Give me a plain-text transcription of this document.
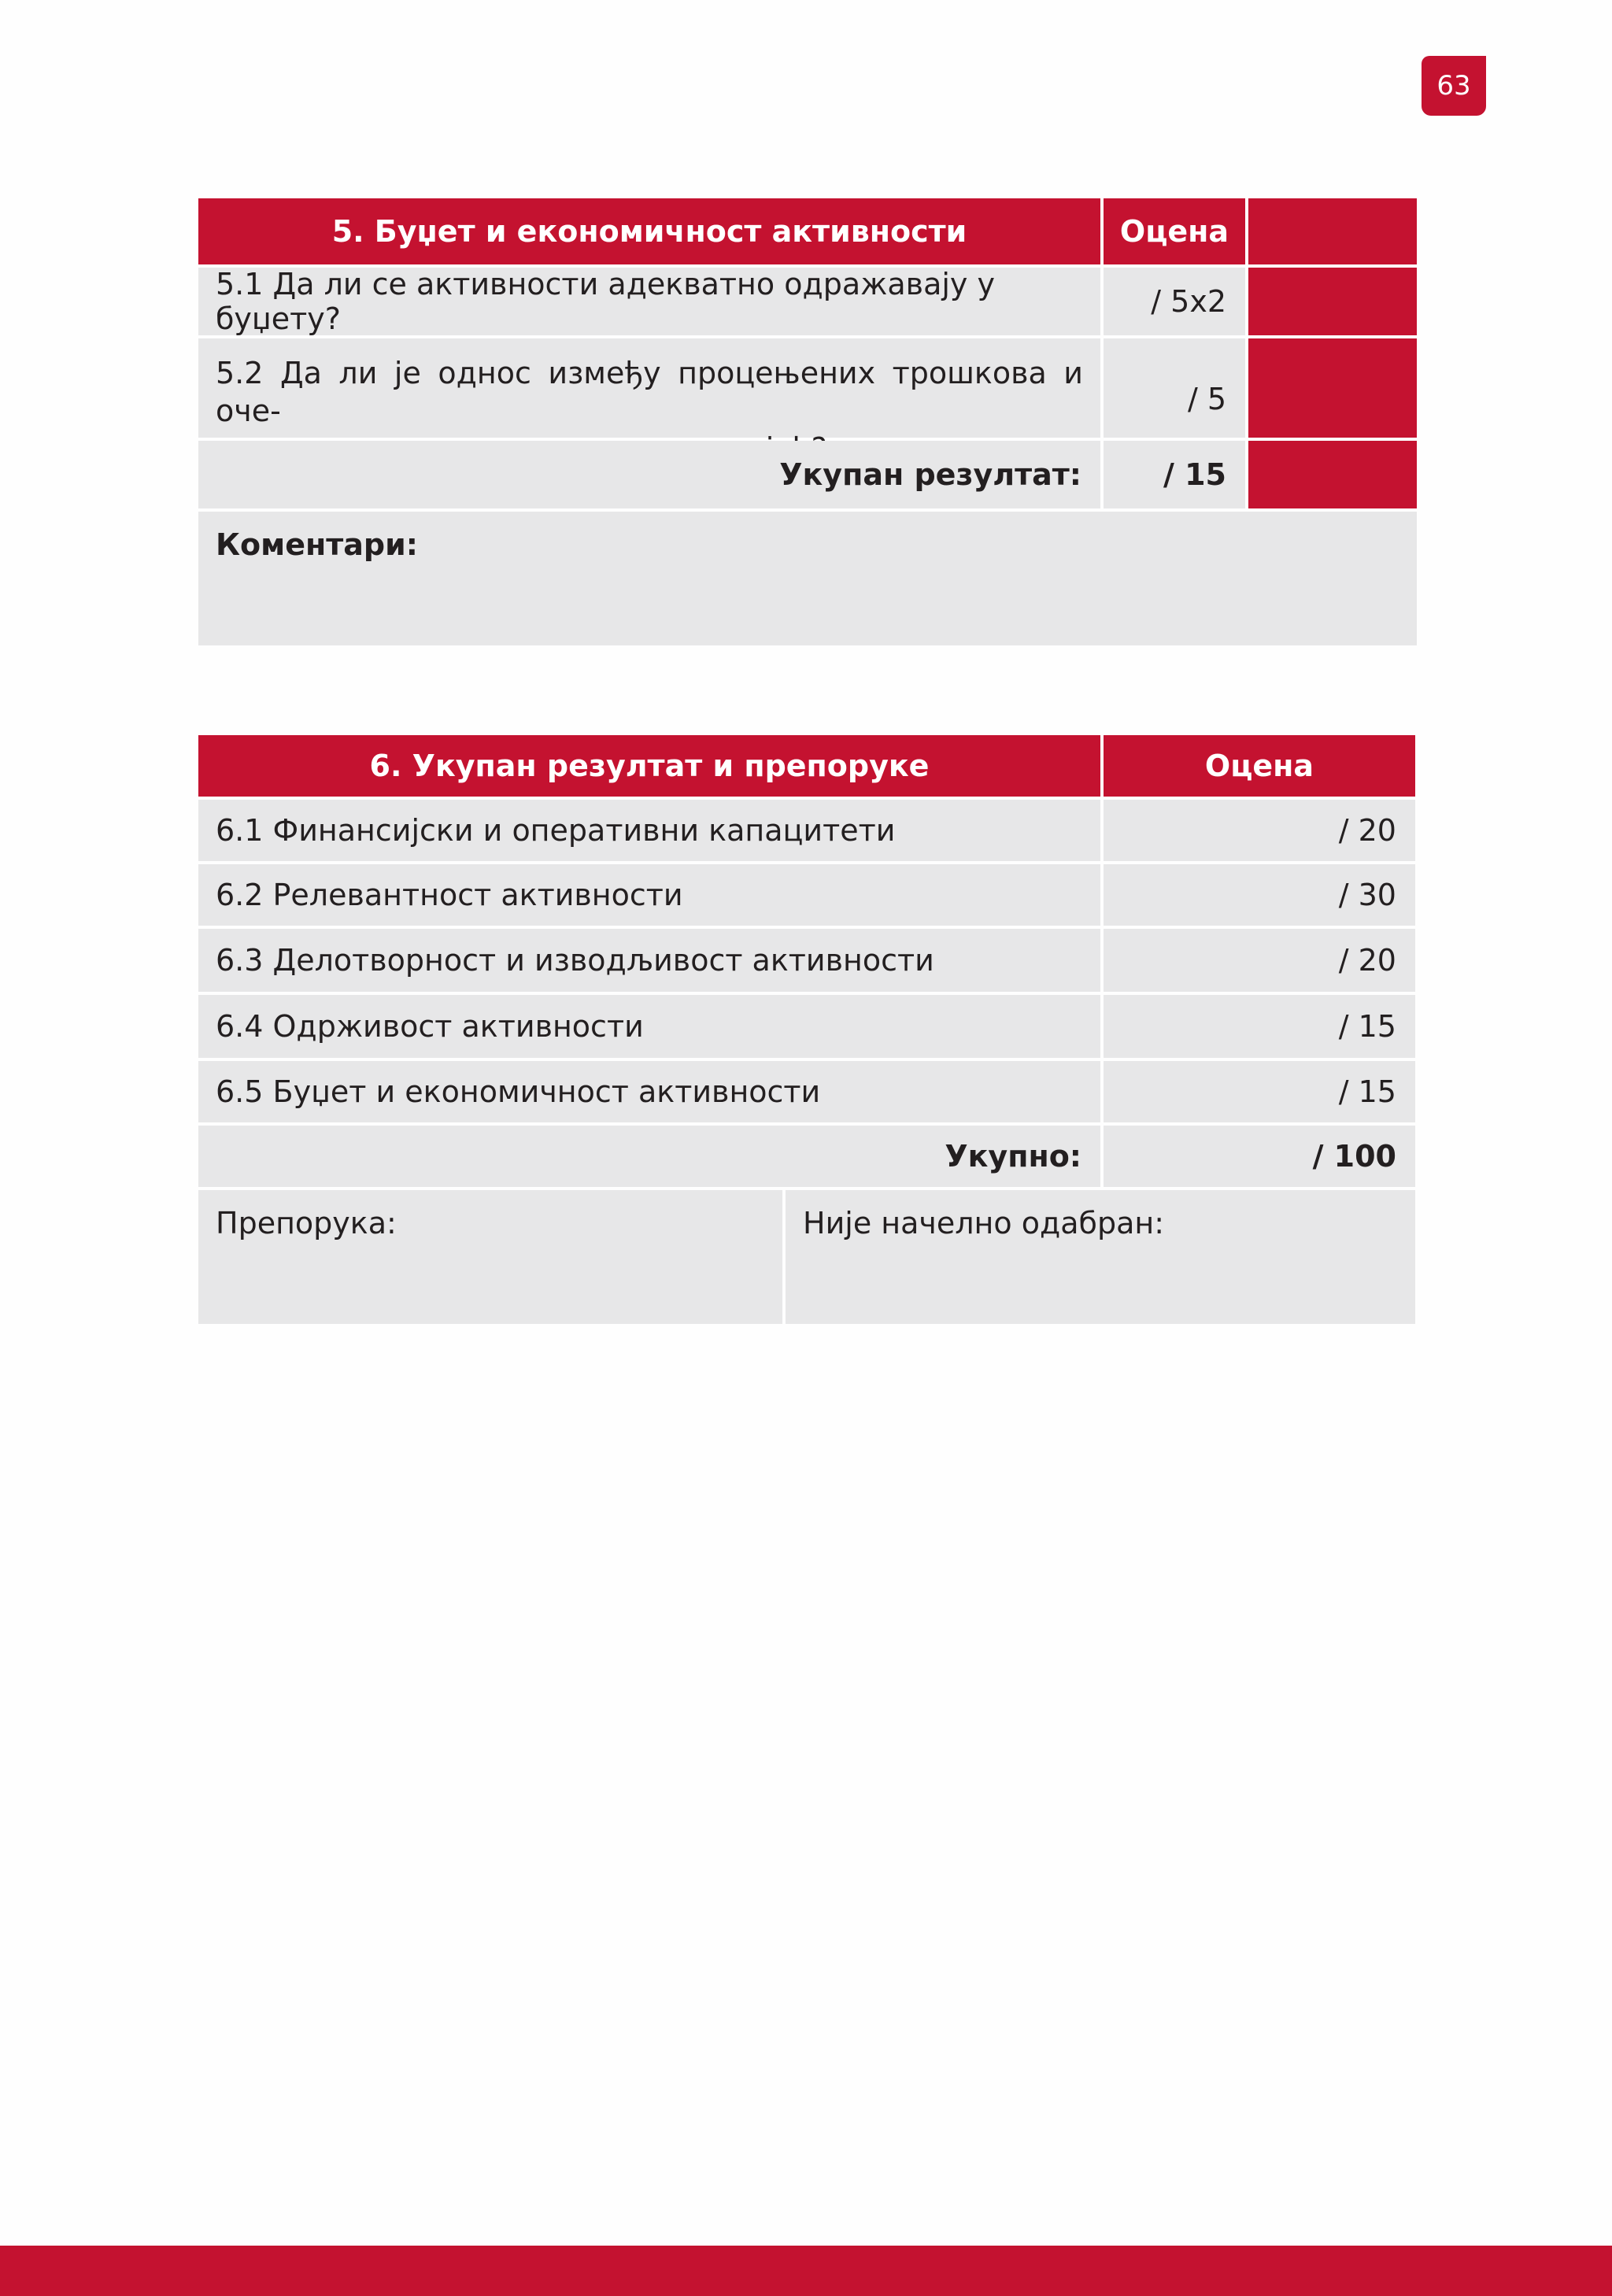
63
5. Буџет и економичност активности	Оцена
5.1 Да ли се активности адекватно одражавају у буџету?	/ 5x2
5.2 Да ли је однос између процењених трошкова и оче-	/ 5
Укупан резултат:	/ 15
Коментари:
6. Укупан резултат и препоруке	Оцена
6.1 Финансијски и оперативни капацитети	/ 20
6.2 Релевантност активности	/ 30
6.3 Делотворност и изводљивост активности	/ 20
6.4 Одрживост активности	/ 15
6.5 Буџет и економичност активности	/ 15
Укупно:	/ 100
Препорука:	Није начелно одабран:
